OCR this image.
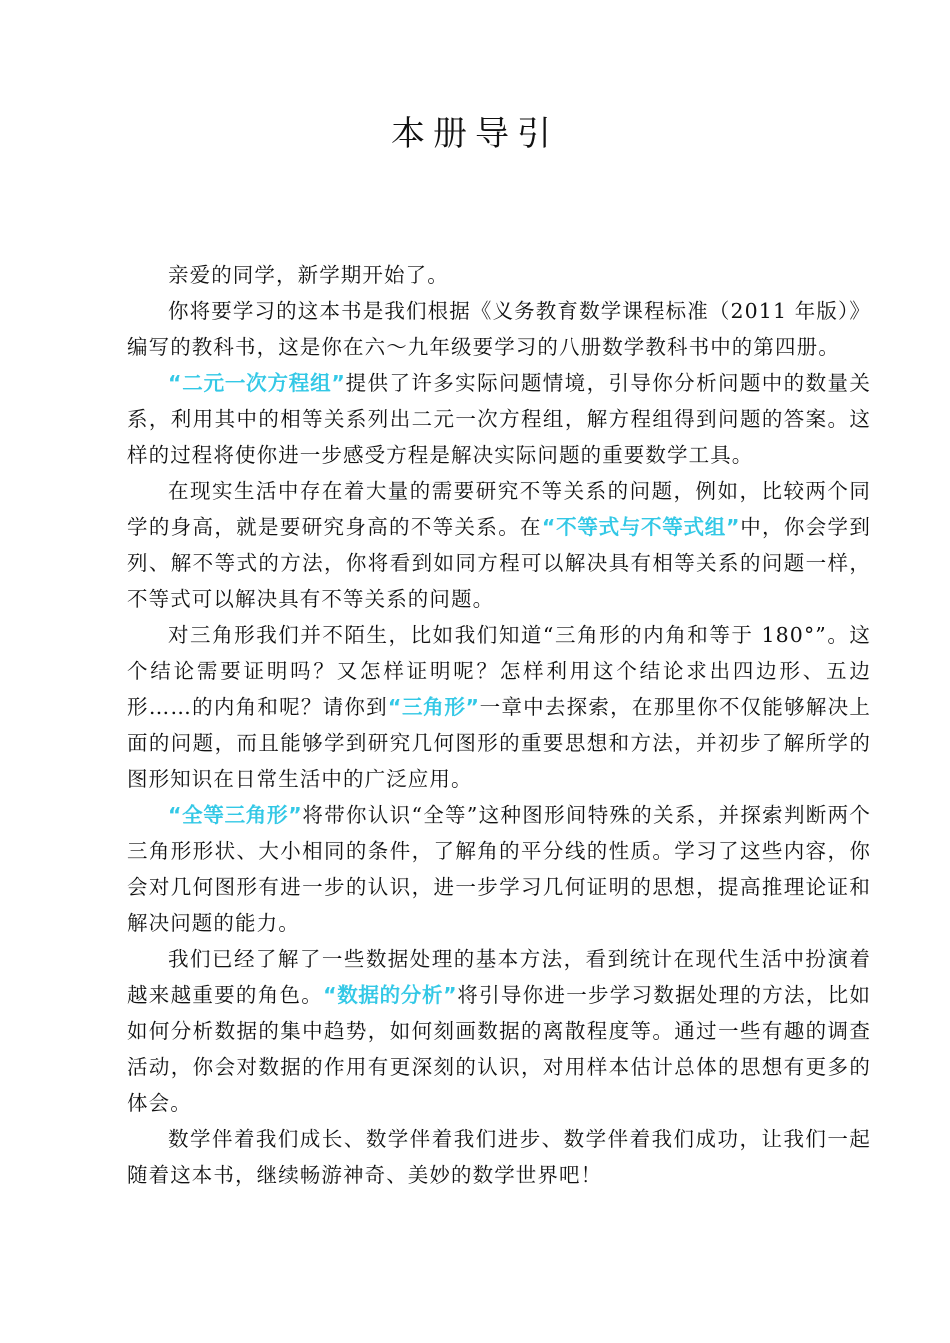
本册导引

亲爱的同学，新学期开始了。

你将要学习的这本书是我们根据《义务教育数学课程标准（2011 年版）》编写的教科书，这是你在六～九年级要学习的八册数学教科书中的第四册。

“二元一次方程组”提供了许多实际问题情境，引导你分析问题中的数量关系，利用其中的相等关系列出二元一次方程组，解方程组得到问题的答案。这样的过程将使你进一步感受方程是解决实际问题的重要数学工具。

在现实生活中存在着大量的需要研究不等关系的问题，例如，比较两个同学的身高，就是要研究身高的不等关系。在“不等式与不等式组”中，你会学到列、解不等式的方法，你将看到如同方程可以解决具有相等关系的问题一样，不等式可以解决具有不等关系的问题。

对三角形我们并不陌生，比如我们知道“三角形的内角和等于 180°”。这个结论需要证明吗？又怎样证明呢？怎样利用这个结论求出四边形、五边形……的内角和呢？请你到“三角形”一章中去探索，在那里你不仅能够解决上面的问题，而且能够学到研究几何图形的重要思想和方法，并初步了解所学的图形知识在日常生活中的广泛应用。

“全等三角形”将带你认识“全等”这种图形间特殊的关系，并探索判断两个三角形形状、大小相同的条件，了解角的平分线的性质。学习了这些内容，你会对几何图形有进一步的认识，进一步学习几何证明的思想，提高推理论证和解决问题的能力。

我们已经了解了一些数据处理的基本方法，看到统计在现代生活中扮演着越来越重要的角色。“数据的分析”将引导你进一步学习数据处理的方法，比如如何分析数据的集中趋势，如何刻画数据的离散程度等。通过一些有趣的调查活动，你会对数据的作用有更深刻的认识，对用样本估计总体的思想有更多的体会。

数学伴着我们成长、数学伴着我们进步、数学伴着我们成功，让我们一起随着这本书，继续畅游神奇、美妙的数学世界吧！
